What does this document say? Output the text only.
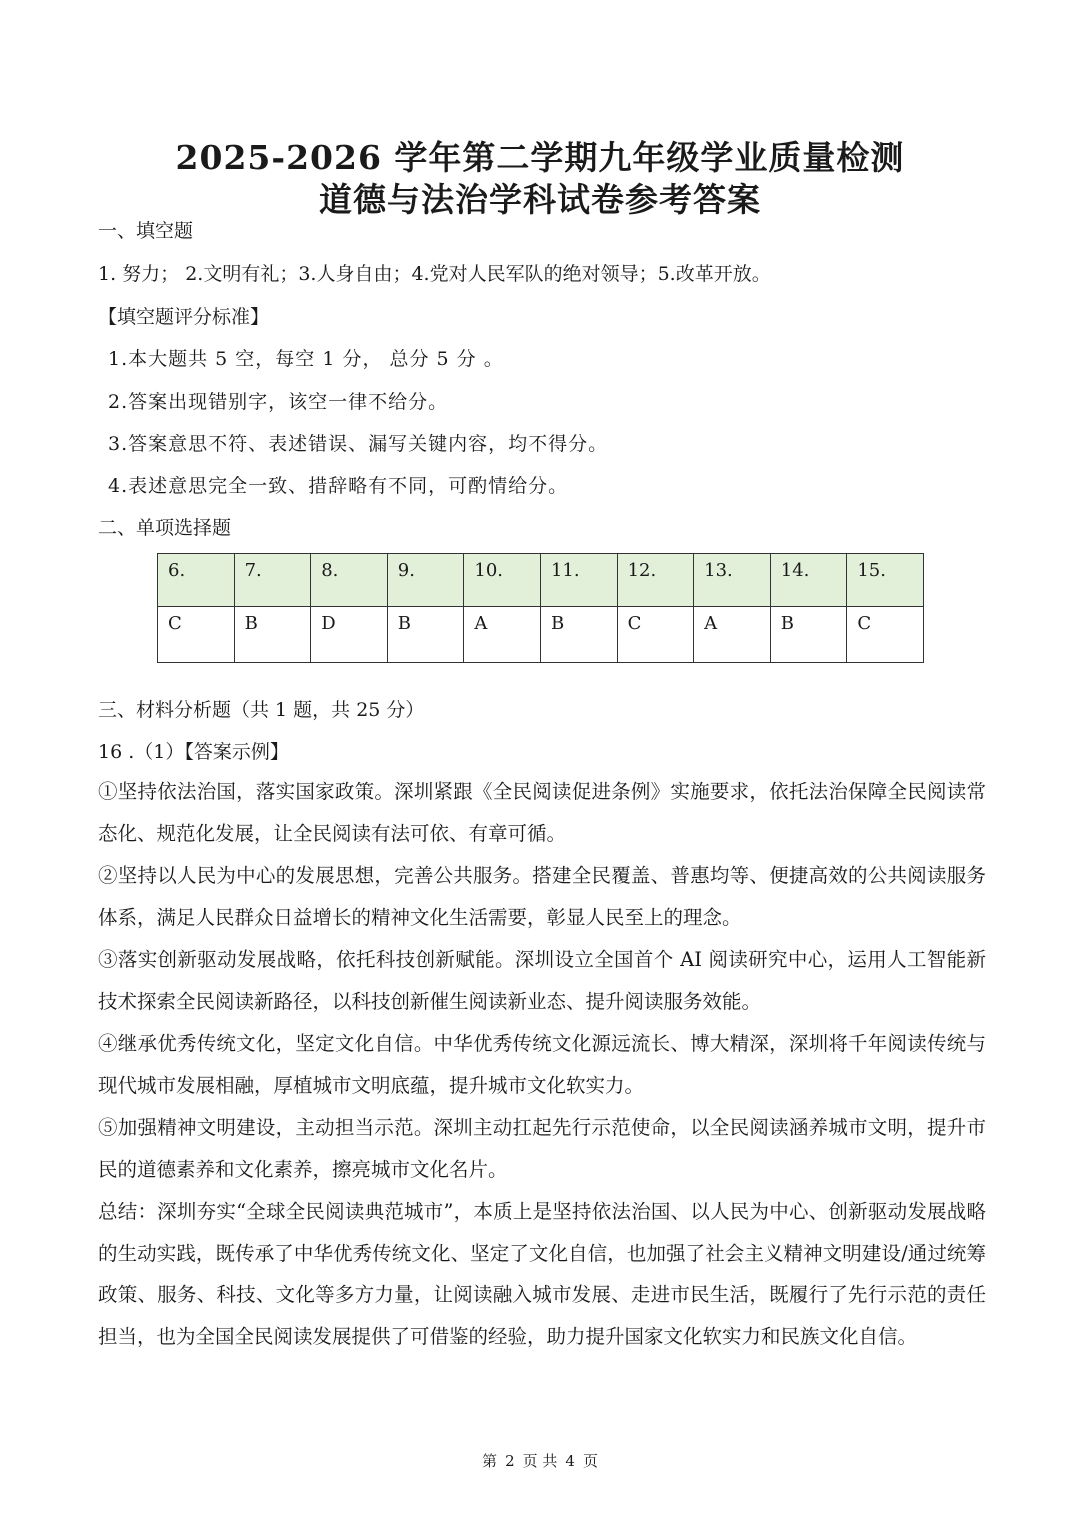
2025-2026 学年第二学期九年级学业质量检测
道德与法治学科试卷参考答案
一、填空题
1. 努力； 2.文明有礼；3.人身自由；4.党对人民军队的绝对领导；5.改革开放。
【填空题评分标准】
1.本大题共 5 空，每空 1 分， 总分 5 分 。
2.答案出现错别字，该空一律不给分。
3.答案意思不符、表述错误、漏写关键内容，均不得分。
4.表述意思完全一致、措辞略有不同，可酌情给分。
二、单项选择题
6.	7.	8.	9.	10.	11.	12.	13.	14.	15.
C	B	D	B	A	B	C	A	B	C
三、材料分析题（共 1 题，共 25 分）
16 .（1）【答案示例】
①坚持依法治国，落实国家政策。深圳紧跟《全民阅读促进条例》实施要求，依托法治保障全民阅读常态化、规范化发展，让全民阅读有法可依、有章可循。
②坚持以人民为中心的发展思想，完善公共服务。搭建全民覆盖、普惠均等、便捷高效的公共阅读服务体系，满足人民群众日益增长的精神文化生活需要，彰显人民至上的理念。
③落实创新驱动发展战略，依托科技创新赋能。深圳设立全国首个 AI 阅读研究中心，运用人工智能新技术探索全民阅读新路径，以科技创新催生阅读新业态、提升阅读服务效能。
④继承优秀传统文化，坚定文化自信。中华优秀传统文化源远流长、博大精深，深圳将千年阅读传统与现代城市发展相融，厚植城市文明底蕴，提升城市文化软实力。
⑤加强精神文明建设，主动担当示范。深圳主动扛起先行示范使命，以全民阅读涵养城市文明，提升市民的道德素养和文化素养，擦亮城市文化名片。
总结：深圳夯实“全球全民阅读典范城市”，本质上是坚持依法治国、以人民为中心、创新驱动发展战略的生动实践，既传承了中华优秀传统文化、坚定了文化自信，也加强了社会主义精神文明建设/通过统筹政策、服务、科技、文化等多方力量，让阅读融入城市发展、走进市民生活，既履行了先行示范的责任担当，也为全国全民阅读发展提供了可借鉴的经验，助力提升国家文化软实力和民族文化自信。
第 2 页 共 4 页
